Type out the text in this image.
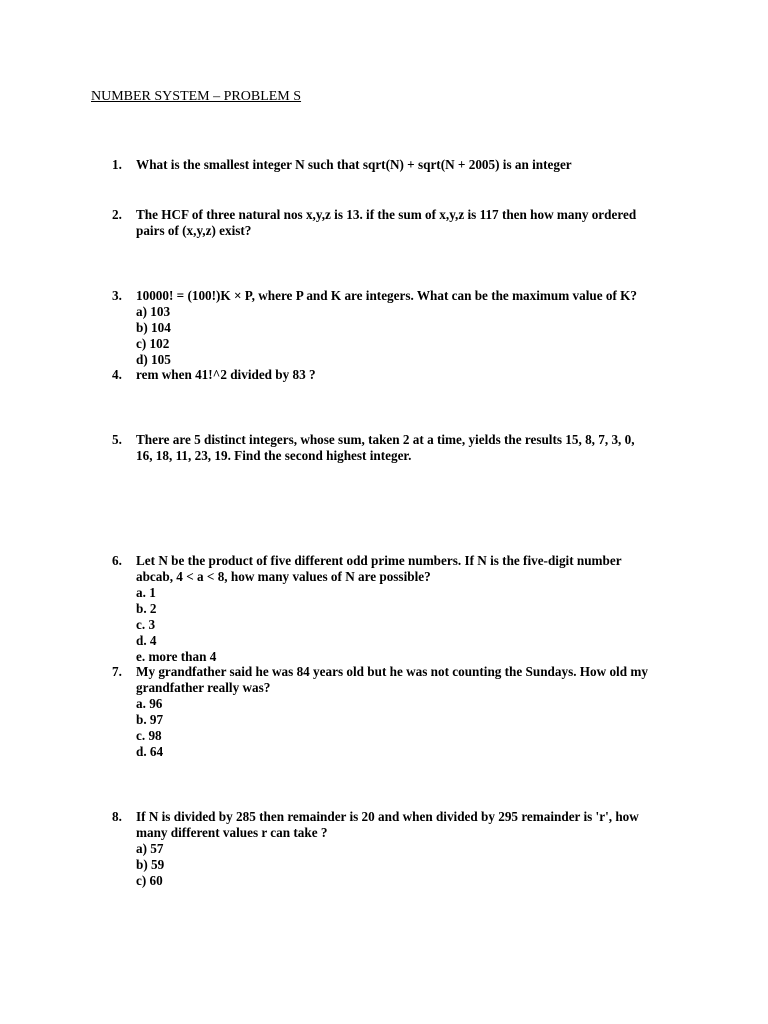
NUMBER SYSTEM – PROBLEM S
1. What is the smallest integer N such that sqrt(N) + sqrt(N + 2005) is an integer
2. The HCF of three natural nos x,y,z is 13. if the sum of x,y,z is 117 then how many ordered
pairs of (x,y,z) exist?
3. 10000! = (100!)K × P, where P and K are integers. What can be the maximum value of K?
a) 103
b) 104
c) 102
d) 105
4. rem when 41!^2 divided by 83 ?
5. There are 5 distinct integers, whose sum, taken 2 at a time, yields the results 15, 8, 7, 3, 0,
16, 18, 11, 23, 19. Find the second highest integer.
6. Let N be the product of five different odd prime numbers. If N is the five-digit number
abcab, 4 < a < 8, how many values of N are possible?
a. 1
b. 2
c. 3
d. 4
e. more than 4
7. My grandfather said he was 84 years old but he was not counting the Sundays. How old my
grandfather really was?
a. 96
b. 97
c. 98
d. 64
8. If N is divided by 285 then remainder is 20 and when divided by 295 remainder is 'r', how
many different values r can take ?
a) 57
b) 59
c) 60
